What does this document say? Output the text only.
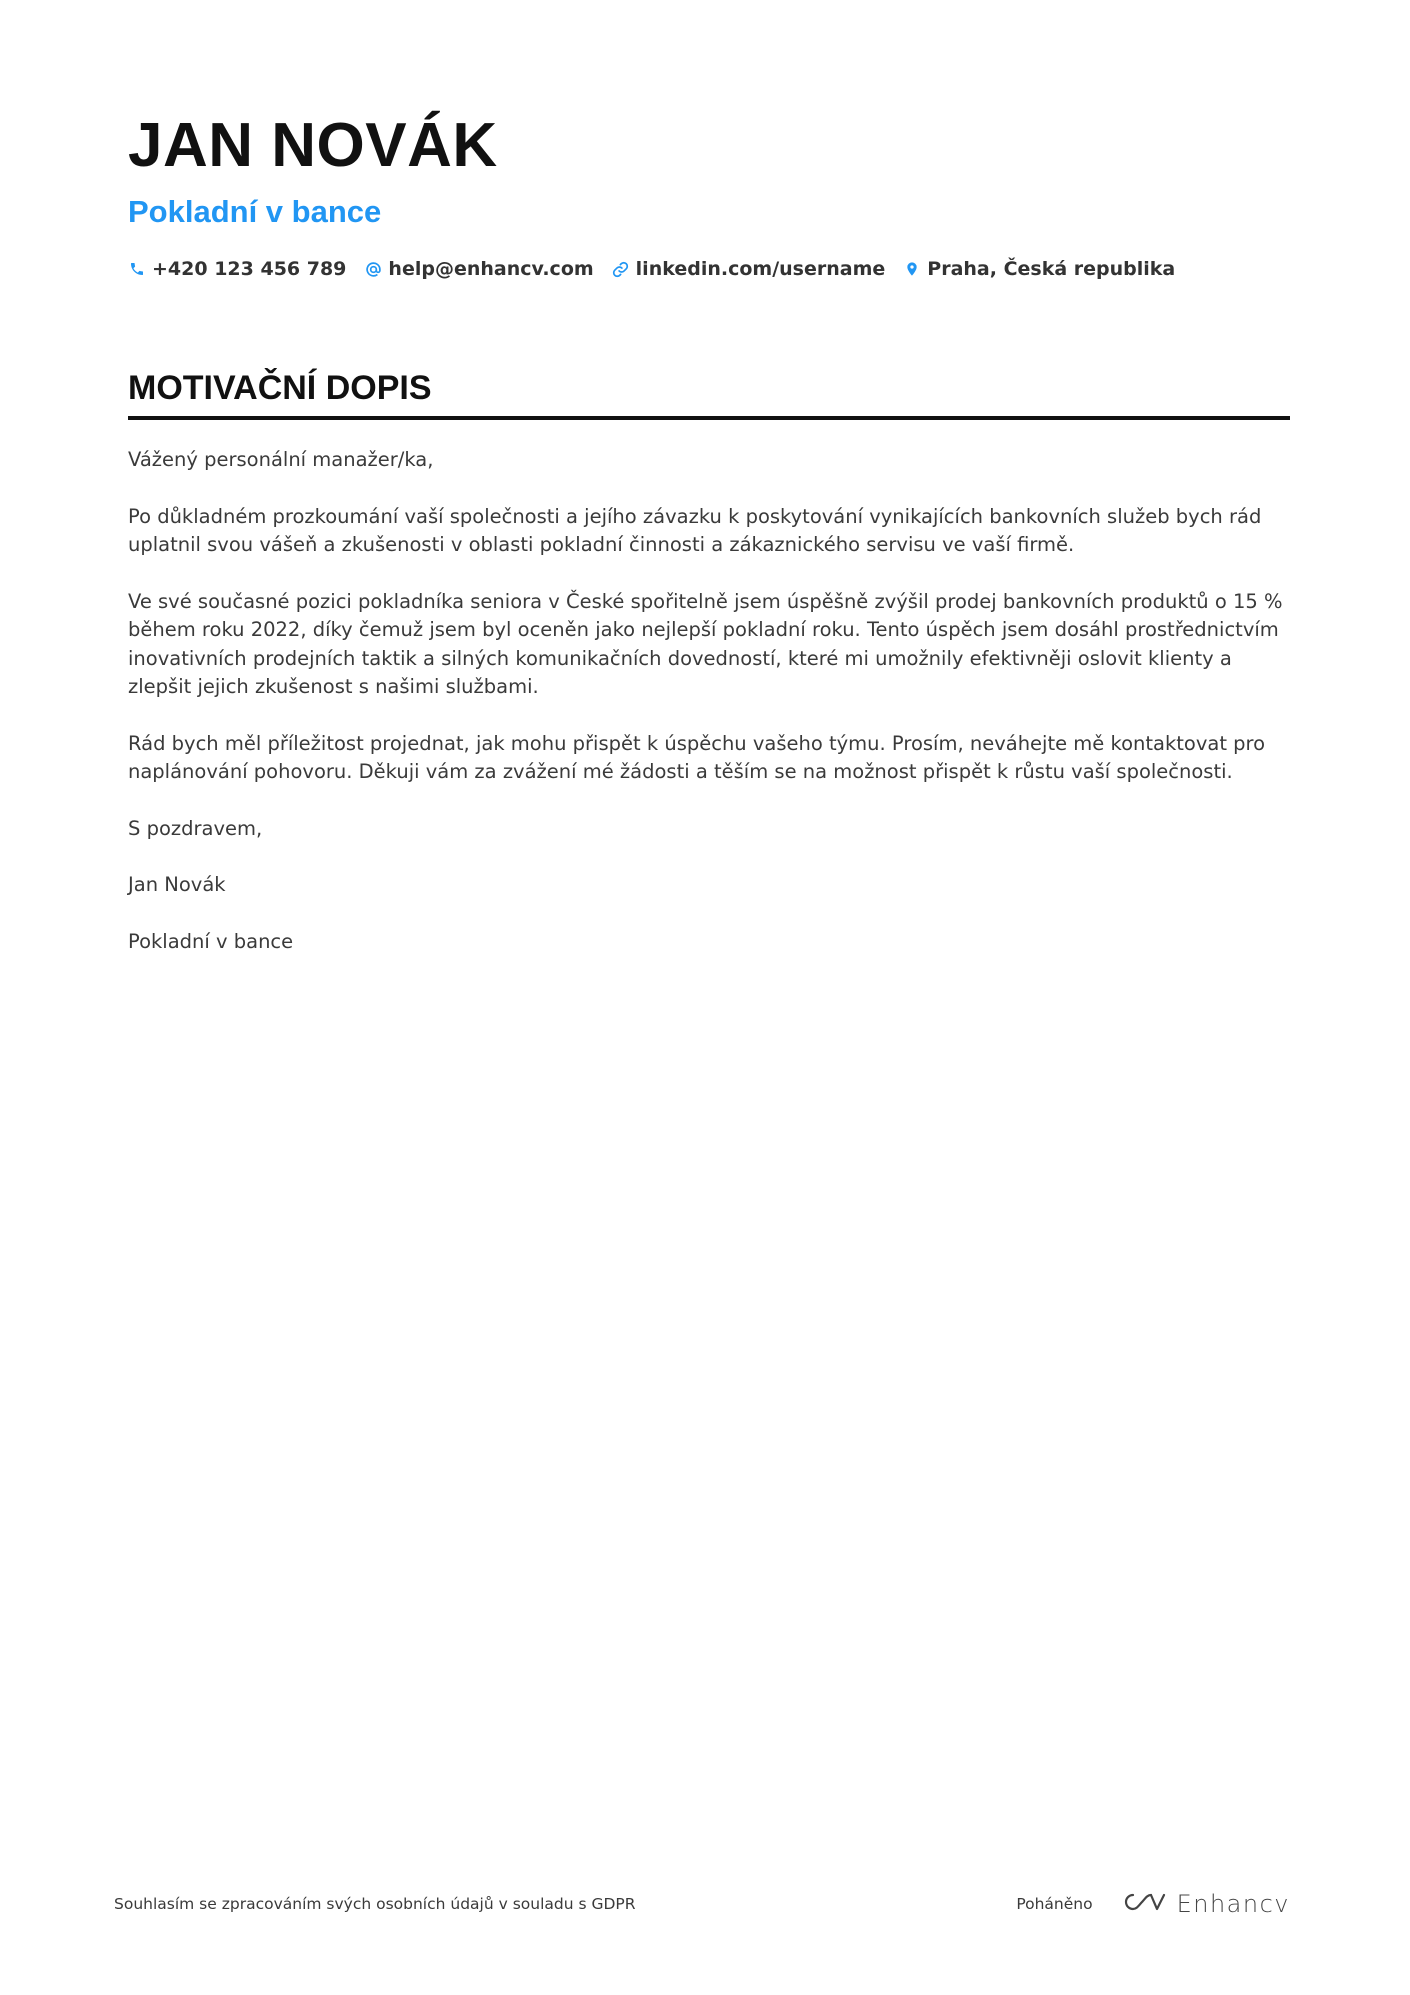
JAN NOVÁK
Pokladní v bance
+420 123 456 789 help@enhancv.com linkedin.com/username Praha, Česká republika
MOTIVAČNÍ DOPIS

Vážený personální manažer/ka,

Po důkladném prozkoumání vaší společnosti a jejího závazku k poskytování vynikajících bankovních služeb bych rád uplatnil svou vášeň a zkušenosti v oblasti pokladní činnosti a zákaznického servisu ve vaší firmě.

Ve své současné pozici pokladníka seniora v České spořitelně jsem úspěšně zvýšil prodej bankovních produktů o 15 % během roku 2022, díky čemuž jsem byl oceněn jako nejlepší pokladní roku. Tento úspěch jsem dosáhl prostřednictvím inovativních prodejních taktik a silných komunikačních dovedností, které mi umožnily efektivněji oslovit klienty a zlepšit jejich zkušenost s našimi službami.

Rád bych měl příležitost projednat, jak mohu přispět k úspěchu vašeho týmu. Prosím, neváhejte mě kontaktovat pro naplánování pohovoru. Děkuji vám za zvážení mé žádosti a těším se na možnost přispět k růstu vaší společnosti.

S pozdravem,

Jan Novák

Pokladní v bance

Souhlasím se zpracováním svých osobních údajů v souladu s GDPR	Poháněno	Enhancv
